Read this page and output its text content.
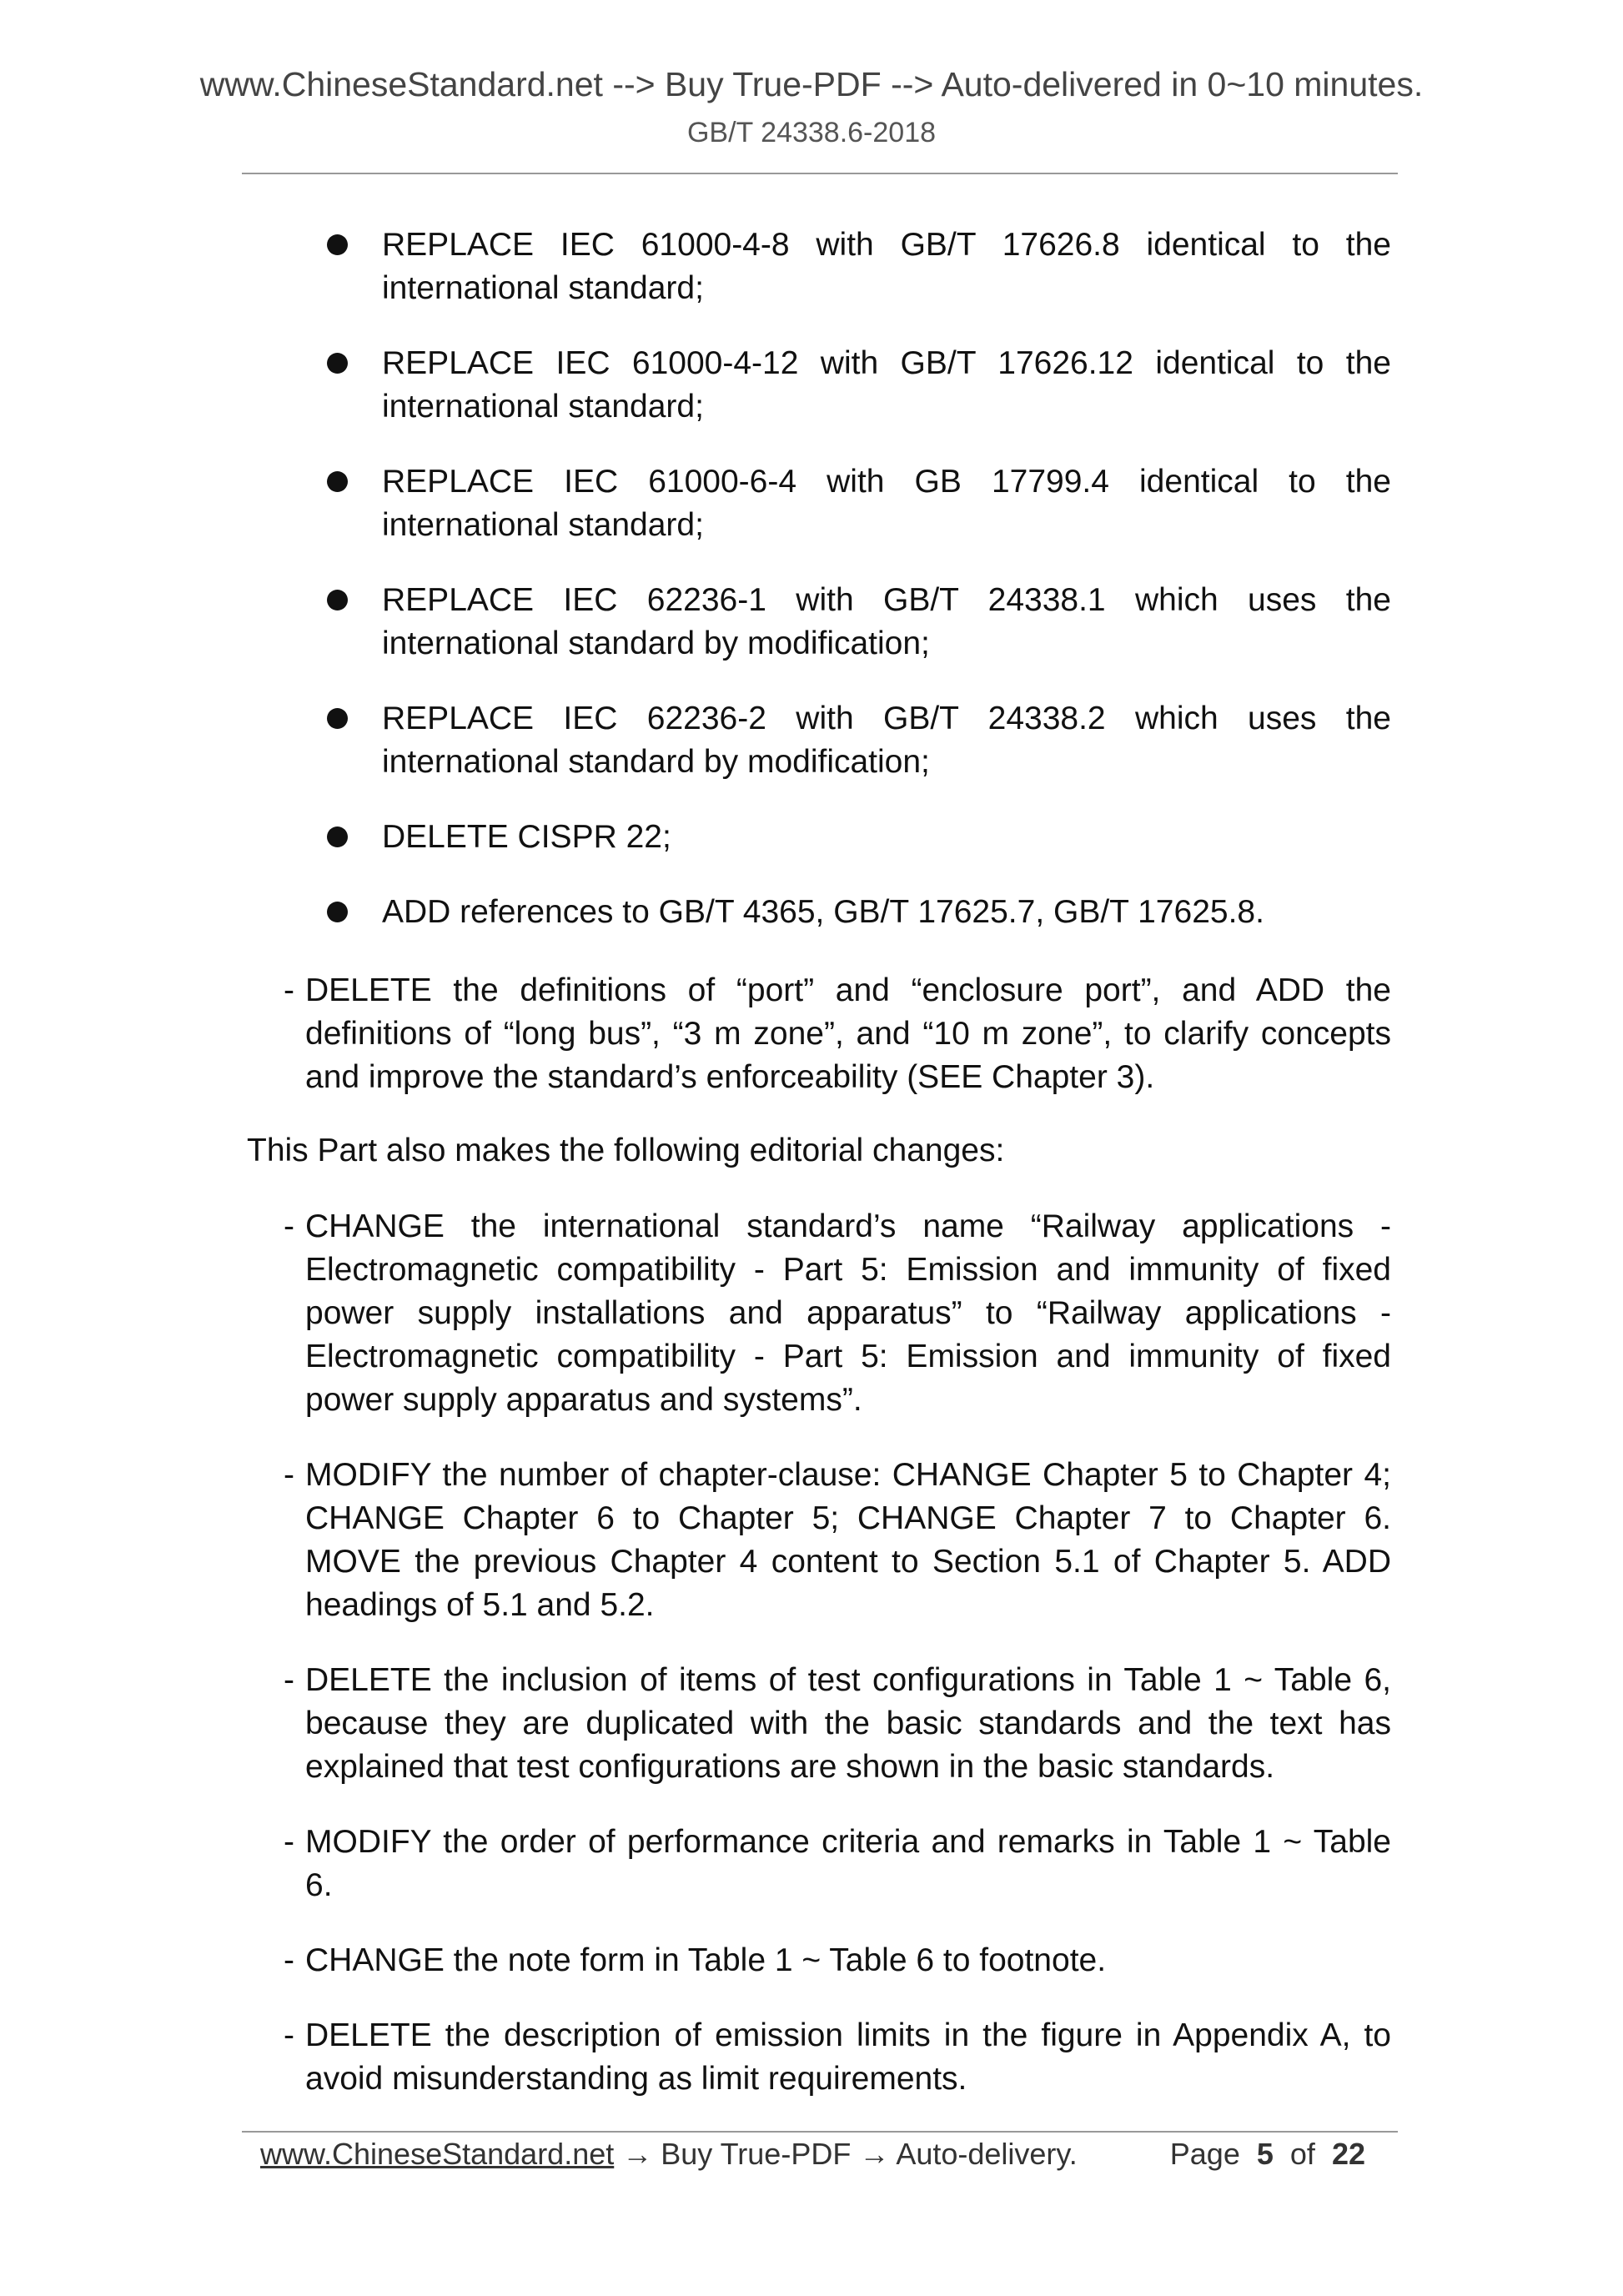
www.ChineseStandard.net --> Buy True-PDF --> Auto-delivered in 0~10 minutes.
GB/T 24338.6-2018
REPLACE IEC 61000-4-8 with GB/T 17626.8 identical to the international standard;
REPLACE IEC 61000-4-12 with GB/T 17626.12 identical to the international standard;
REPLACE IEC 61000-6-4 with GB 17799.4 identical to the international standard;
REPLACE IEC 62236-1 with GB/T 24338.1 which uses the international standard by modification;
REPLACE IEC 62236-2 with GB/T 24338.2 which uses the international standard by modification;
DELETE CISPR 22;
ADD references to GB/T 4365, GB/T 17625.7, GB/T 17625.8.
- DELETE the definitions of “port” and “enclosure port”, and ADD the definitions of “long bus”, “3 m zone”, and “10 m zone”, to clarify concepts and improve the standard’s enforceability (SEE Chapter 3).
This Part also makes the following editorial changes:
- CHANGE the international standard’s name “Railway applications - Electromagnetic compatibility - Part 5: Emission and immunity of fixed power supply installations and apparatus” to “Railway applications - Electromagnetic compatibility - Part 5: Emission and immunity of fixed power supply apparatus and systems”.
- MODIFY the number of chapter-clause: CHANGE Chapter 5 to Chapter 4; CHANGE Chapter 6 to Chapter 5; CHANGE Chapter 7 to Chapter 6. MOVE the previous Chapter 4 content to Section 5.1 of Chapter 5. ADD headings of 5.1 and 5.2.
- DELETE the inclusion of items of test configurations in Table 1 ~ Table 6, because they are duplicated with the basic standards and the text has explained that test configurations are shown in the basic standards.
- MODIFY the order of performance criteria and remarks in Table 1 ~ Table 6.
- CHANGE the note form in Table 1 ~ Table 6 to footnote.
- DELETE the description of emission limits in the figure in Appendix A, to avoid misunderstanding as limit requirements.
www.ChineseStandard.net → Buy True-PDF → Auto-delivery.	Page 5 of 22
